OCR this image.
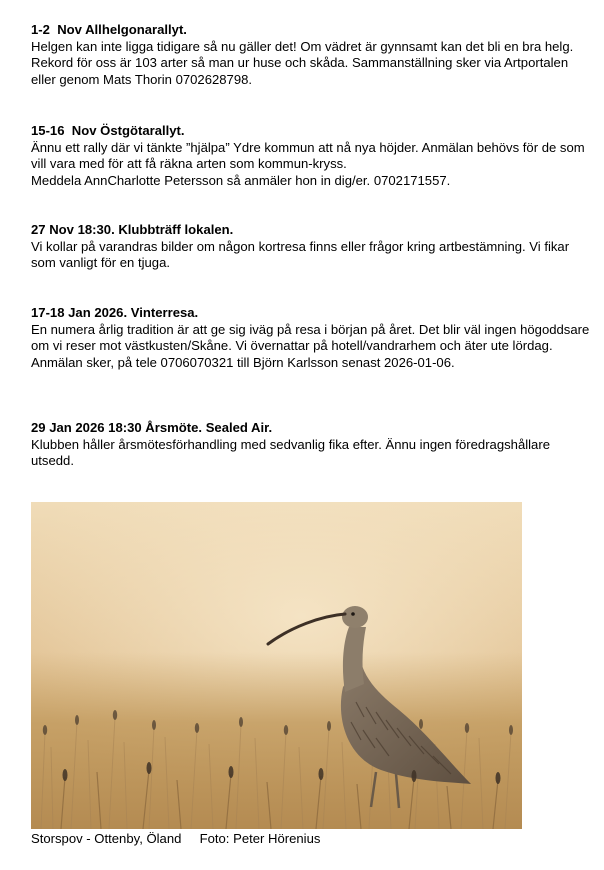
1-2  Nov Allhelgonarallyt.

Helgen kan inte ligga tidigare så nu gäller det! Om vädret är gynnsamt kan det bli en bra helg. Rekord för oss är 103 arter så man ur huse och skåda. Sammanställning sker via Artportalen eller genom Mats Thorin 0702628798.

15-16  Nov Östgötarallyt.

Ännu ett rally där vi tänkte ”hjälpa” Ydre kommun att nå nya höjder. Anmälan behövs för de som vill vara med för att få räkna arten som kommun-kryss.

Meddela AnnCharlotte Petersson så anmäler hon in dig/er. 0702171557.

27 Nov 18:30. Klubbträff lokalen.

Vi kollar på varandras bilder om någon kortresa finns eller frågor kring artbestämning. Vi fikar som vanligt för en tjuga.

17-18 Jan 2026. Vinterresa.

En numera årlig tradition är att ge sig iväg på resa i början på året. Det blir väl ingen högoddsare om vi reser mot västkusten/Skåne. Vi övernattar på hotell/vandrarhem och äter ute lördag. Anmälan sker, på tele 0706070321 till Björn Karlsson senast 2026-01-06.

29 Jan 2026 18:30 Årsmöte. Sealed Air.

Klubben håller årsmötesförhandling med sedvanlig fika efter. Ännu ingen föredragshållare utsedd.

Storspov - Ottenby, Öland Foto: Peter Hörenius
